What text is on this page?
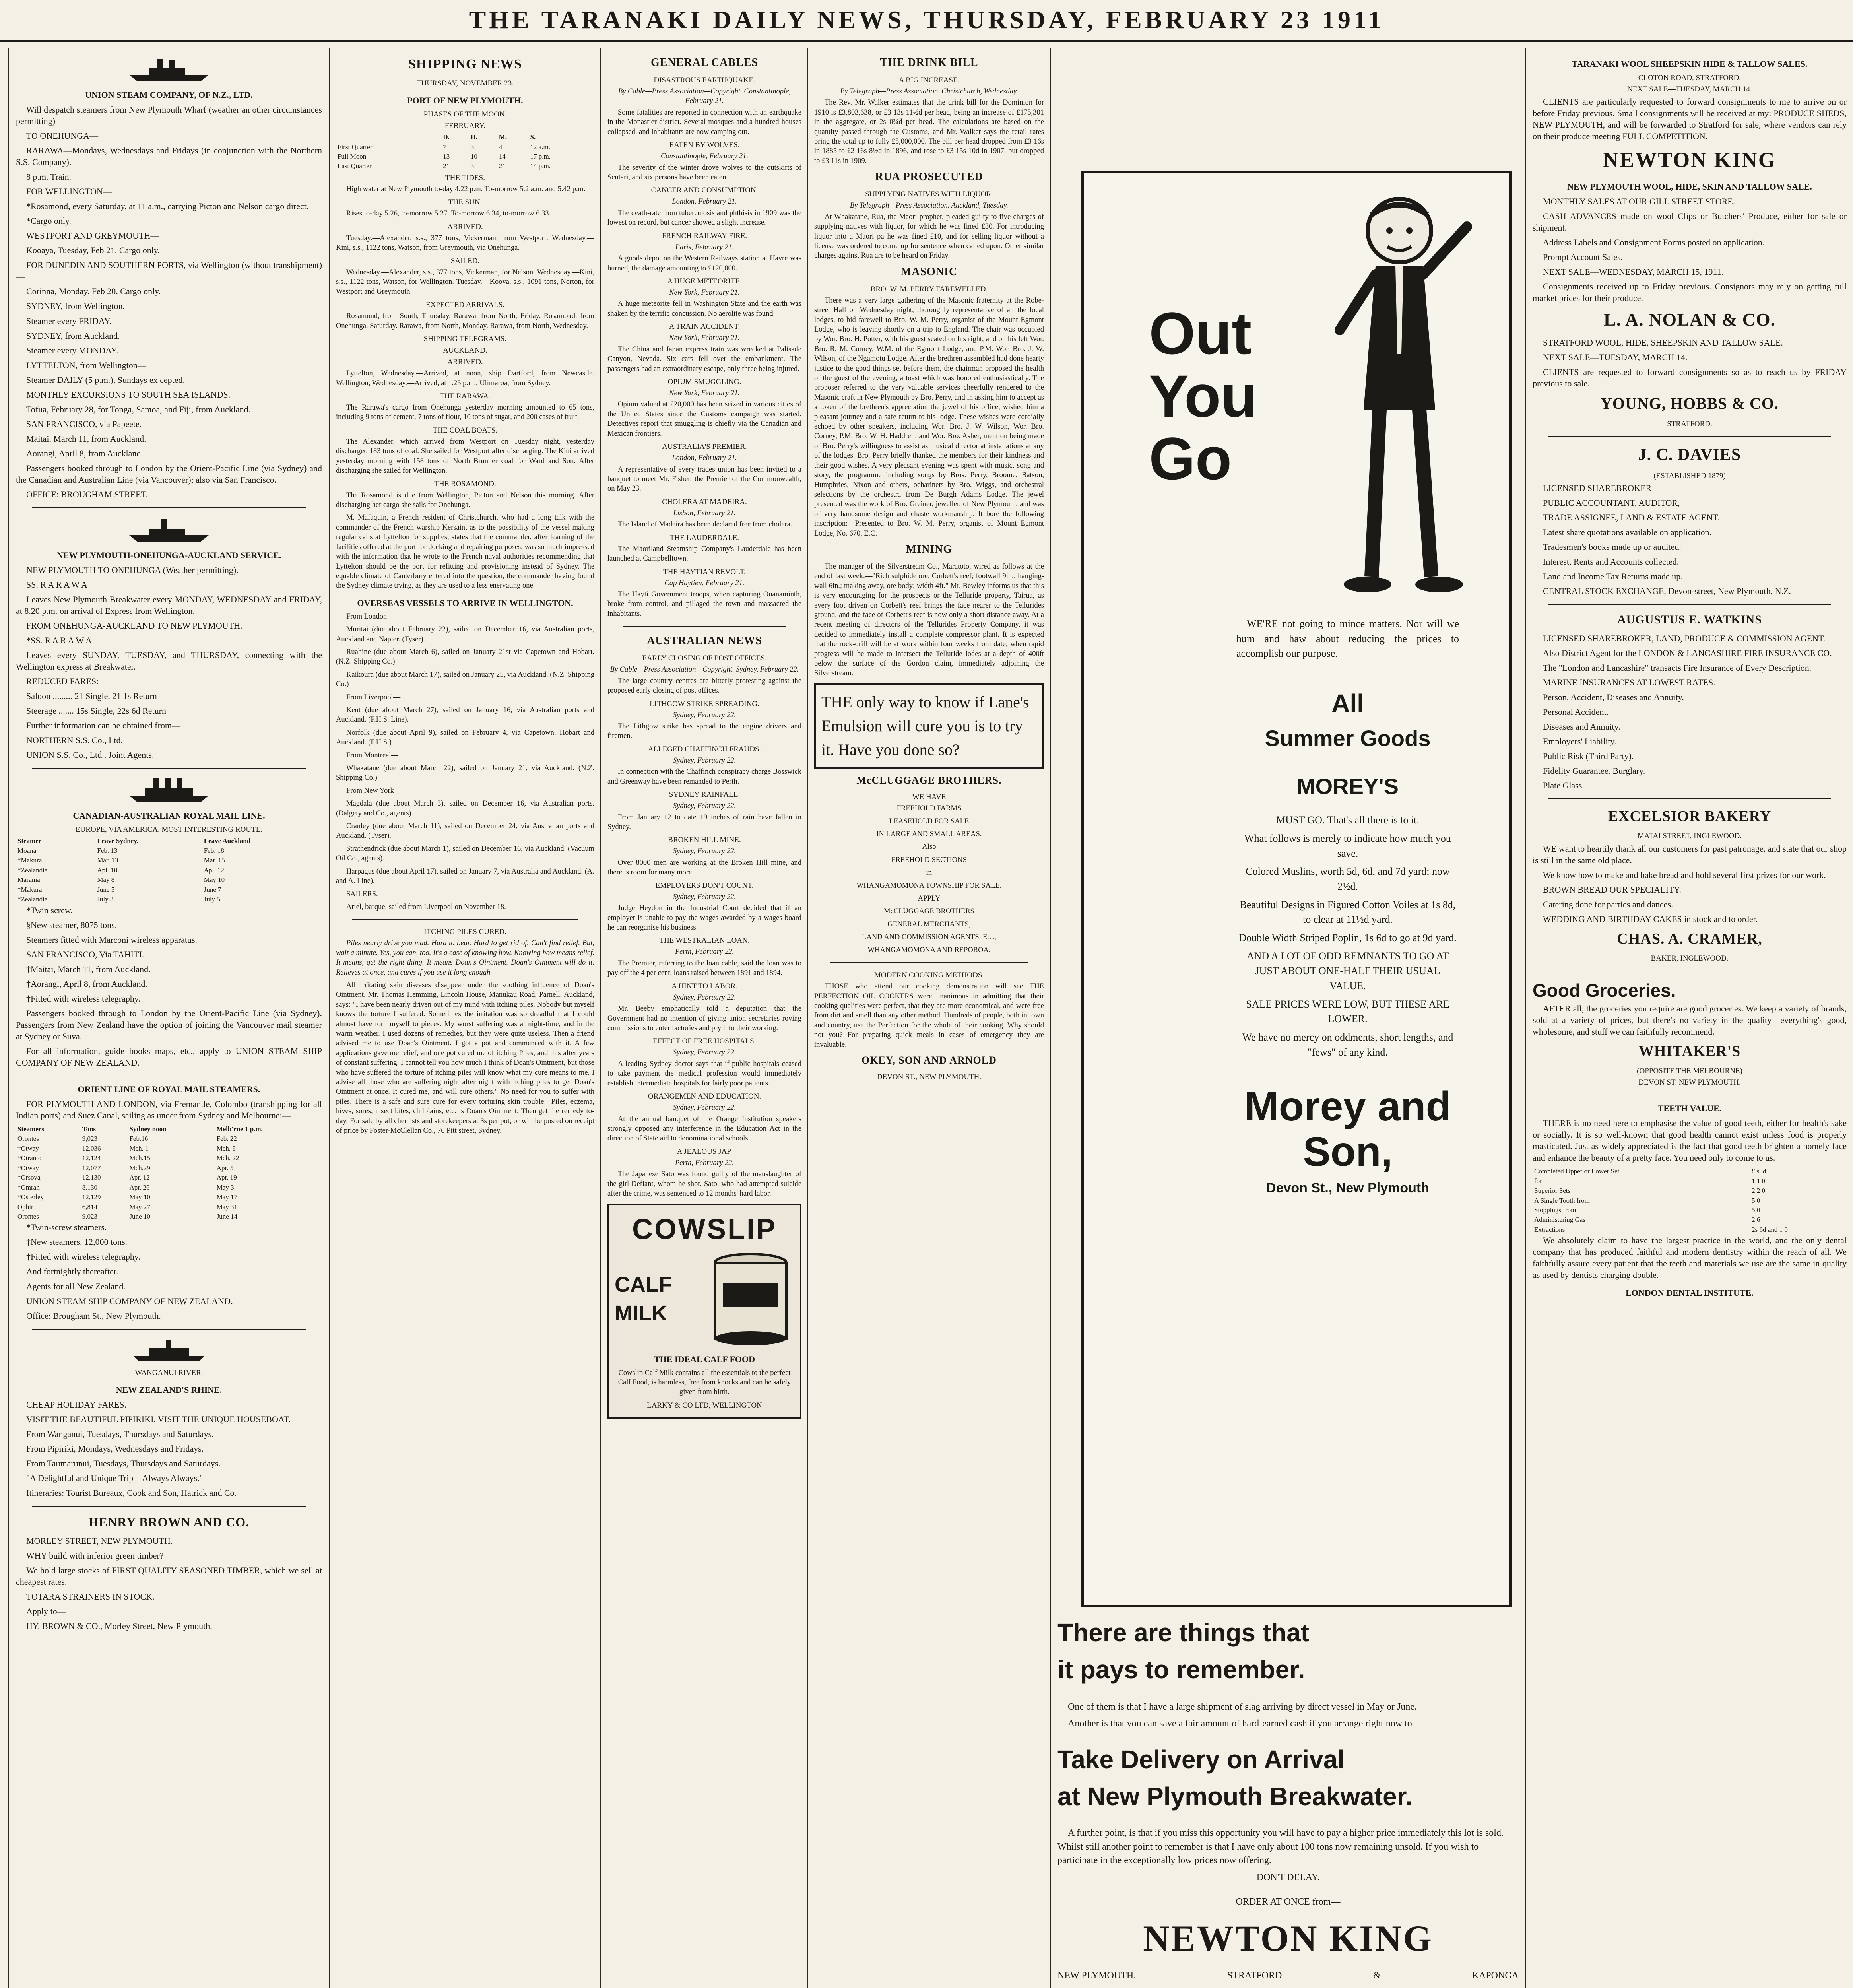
THE TARANAKI DAILY NEWS, THURSDAY, FEBRUARY 23 1911
UNION STEAM COMPANY, OF N.Z., LTD.

Will despatch steamers from New Plymouth Wharf (weather an other circumstances permitting)—

TO ONEHUNGA—

RARAWA—Mondays, Wednesdays and Fridays (in conjunction with the Northern S.S. Company).

8 p.m. Train.

FOR WELLINGTON—

*Rosamond, every Saturday, at 11 a.m., carrying Picton and Nelson cargo direct.

*Cargo only.

WESTPORT AND GREYMOUTH—

Kooaya, Tuesday, Feb 21. Cargo only.

FOR DUNEDIN AND SOUTHERN PORTS, via Wellington (without transhipment)—

Corinna, Monday. Feb 20. Cargo only.

SYDNEY, from Wellington.

Steamer every FRIDAY.

SYDNEY, from Auckland.

Steamer every MONDAY.

LYTTELTON, from Wellington—

Steamer DAILY (5 p.m.), Sundays ex cepted.

MONTHLY EXCURSIONS TO SOUTH SEA ISLANDS.

Tofua, February 28, for Tonga, Samoa, and Fiji, from Auckland.

SAN FRANCISCO, via Papeete.

Maitai, March 11, from Auckland.

Aorangi, April 8, from Auckland.

Passengers booked through to London by the Orient-Pacific Line (via Sydney) and the Canadian and Australian Line (via Vancouver); also via San Francisco.

OFFICE: BROUGHAM STREET.

NEW PLYMOUTH-ONEHUNGA-AUCKLAND SERVICE.

NEW PLYMOUTH TO ONEHUNGA (Weather permitting).

SS. R A R A W A

Leaves New Plymouth Breakwater every MONDAY, WEDNESDAY and FRIDAY, at 8.20 p.m. on arrival of Express from Wellington.

FROM ONEHUNGA-AUCKLAND TO NEW PLYMOUTH.

*SS. R A R A W A

Leaves every SUNDAY, TUESDAY, and THURSDAY, connecting with the Wellington express at Breakwater.

REDUCED FARES:

Saloon ......... 21 Single, 21 1s Return

Steerage ....... 15s Single, 22s 6d Return

Further information can be obtained from—

NORTHERN S.S. Co., Ltd.

UNION S.S. Co., Ltd., Joint Agents.

CANADIAN-AUSTRALIAN ROYAL MAIL LINE.
EUROPE, VIA AMERICA. MOST INTERESTING ROUTE.
Steamer	Leave Sydney.	Leave Auckland
Moana	Feb. 13	Feb. 18
*Makura	Mar. 13	Mar. 15
*Zealandia	Apl. 10	Apl. 12
Marama	May 8	May 10
*Makura	June 5	June 7
*Zealandia	July 3	July 5

*Twin screw.

§New steamer, 8075 tons.

Steamers fitted with Marconi wireless apparatus.

SAN FRANCISCO, Via TAHITI.

†Maitai, March 11, from Auckland.

†Aorangi, April 8, from Auckland.

†Fitted with wireless telegraphy.

Passengers booked through to London by the Orient-Pacific Line (via Sydney). Passengers from New Zealand have the option of joining the Vancouver mail steamer at Sydney or Suva.

For all information, guide books maps, etc., apply to UNION STEAM SHIP COMPANY OF NEW ZEALAND.

ORIENT LINE OF ROYAL MAIL STEAMERS.

FOR PLYMOUTH AND LONDON, via Fremantle, Colombo (transhipping for all Indian ports) and Suez Canal, sailing as under from Sydney and Melbourne:—

Steamers	Tons	Sydney noon	Melb'rne 1 p.m.
Orontes	9,023	Feb.16	Feb. 22
†Otway	12,036	Mch. 1	Mch. 8
*Otranto	12,124	Mch.15	Mch. 22
*Otway	12,077	Mch.29	Apr. 5
*Orsova	12,130	Apr. 12	Apr. 19
*Omrah	8,130	Apr. 26	May 3
*Osterley	12,129	May 10	May 17
Ophir	6,814	May 27	May 31
Orontes	9,023	June 10	June 14

*Twin-screw steamers.

‡New steamers, 12,000 tons.

†Fitted with wireless telegraphy.

And fortnightly thereafter.

Agents for all New Zealand.

UNION STEAM SHIP COMPANY OF NEW ZEALAND.

Office: Brougham St., New Plymouth.

WANGANUI RIVER.
NEW ZEALAND'S RHINE.

CHEAP HOLIDAY FARES.

VISIT THE BEAUTIFUL PIPIRIKI. VISIT THE UNIQUE HOUSEBOAT.

From Wanganui, Tuesdays, Thursdays and Saturdays.

From Pipiriki, Mondays, Wednesdays and Fridays.

From Taumarunui, Tuesdays, Thursdays and Saturdays.

"A Delightful and Unique Trip—Always Always."

Itineraries: Tourist Bureaux, Cook and Son, Hatrick and Co.

HENRY BROWN AND CO.

MORLEY STREET, NEW PLYMOUTH.

WHY build with inferior green timber?

We hold large stocks of FIRST QUALITY SEASONED TIMBER, which we sell at cheapest rates.

TOTARA STRAINERS IN STOCK.

Apply to—

HY. BROWN & CO., Morley Street, New Plymouth.

SHIPPING NEWS
THURSDAY, NOVEMBER 23.
PORT OF NEW PLYMOUTH.
PHASES OF THE MOON.
FEBRUARY.
	D.	H.	M.	S.
First Quarter	7	3	4	12 a.m.
Full Moon	13	10	14	17 p.m.
Last Quarter	21	3	21	14 p.m.
THE TIDES.

High water at New Plymouth to-day 4.22 p.m. To-morrow 5.2 a.m. and 5.42 p.m.

THE SUN.

Rises to-day 5.26, to-morrow 5.27. To-morrow 6.34, to-morrow 6.33.

ARRIVED.

Tuesday.—Alexander, s.s., 377 tons, Vickerman, from Westport. Wednesday.—Kini, s.s., 1122 tons, Watson, from Greymouth, via Onehunga.

SAILED.

Wednesday.—Alexander, s.s., 377 tons, Vickerman, for Nelson. Wednesday.—Kini, s.s., 1122 tons, Watson, for Wellington. Tuesday.—Kooya, s.s., 1091 tons, Norton, for Westport and Greymouth.

EXPECTED ARRIVALS.

Rosamond, from South, Thursday. Rarawa, from North, Friday. Rosamond, from Onehunga, Saturday. Rarawa, from North, Monday. Rarawa, from North, Wednesday.

SHIPPING TELEGRAMS.
AUCKLAND.
ARRIVED.

Lyttelton, Wednesday.—Arrived, at noon, ship Dartford, from Newcastle. Wellington, Wednesday.—Arrived, at 1.25 p.m., Ulimaroa, from Sydney.

THE RARAWA.

The Rarawa's cargo from Onehunga yesterday morning amounted to 65 tons, including 9 tons of cement, 7 tons of flour, 10 tons of sugar, and 200 cases of fruit.

THE COAL BOATS.

The Alexander, which arrived from Westport on Tuesday night, yesterday discharged 183 tons of coal. She sailed for Westport after discharging. The Kini arrived yesterday morning with 158 tons of North Brunner coal for Ward and Son. After discharging she sailed for Wellington.

THE ROSAMOND.

The Rosamond is due from Wellington, Picton and Nelson this morning. After discharging her cargo she sails for Onehunga.

M. Mafaquin, a French resident of Christchurch, who had a long talk with the commander of the French warship Kersaint as to the possibility of the vessel making regular calls at Lyttelton for supplies, states that the commander, after learning of the facilities offered at the port for docking and repairing purposes, was so much impressed with the information that he wrote to the French naval authorities recommending that Lyttelton should be the port for refitting and provisioning instead of Sydney. The equable climate of Canterbury entered into the question, the commander having found the Sydney climate trying, as they are used to a less enervating one.

OVERSEAS VESSELS TO ARRIVE IN WELLINGTON.

From London—

Muritai (due about February 22), sailed on December 16, via Australian ports, Auckland and Napier. (Tyser).

Ruahine (due about March 6), sailed on January 21st via Capetown and Hobart. (N.Z. Shipping Co.)

Kaikoura (due about March 17), sailed on January 25, via Auckland. (N.Z. Shipping Co.)

From Liverpool—

Kent (due about March 27), sailed on January 16, via Australian ports and Auckland. (F.H.S. Line).

Norfolk (due about April 9), sailed on February 4, via Capetown, Hobart and Auckland. (F.H.S.)

From Montreal—

Whakatane (due about March 22), sailed on January 21, via Auckland. (N.Z. Shipping Co.)

From New York—

Magdala (due about March 3), sailed on December 16, via Australian ports. (Dalgety and Co., agents).

Cranley (due about March 11), sailed on December 24, via Australian ports and Auckland. (Tyser).

Strathendrick (due about March 1), sailed on December 16, via Auckland. (Vacuum Oil Co., agents).

Harpagus (due about April 17), sailed on January 7, via Australia and Auckland. (A. and A. Line).

SAILERS.

Ariel, barque, sailed from Liverpool on November 18.

ITCHING PILES CURED.

Piles nearly drive you mad. Hard to bear. Hard to get rid of. Can't find relief. But, wait a minute. Yes, you can, too. It's a case of knowing how. Knowing how means relief. It means, get the right thing. It means Doan's Ointment. Doan's Ointment will do it. Relieves at once, and cures if you use it long enough.

All irritating skin diseases disappear under the soothing influence of Doan's Ointment. Mr. Thomas Hemming, Lincoln House, Manukau Road, Parnell, Auckland, says: "I have been nearly driven out of my mind with itching piles. Nobody but myself knows the torture I suffered. Sometimes the irritation was so dreadful that I could almost have torn myself to pieces. My worst suffering was at night-time, and in the warm weather. I used dozens of remedies, but they were quite useless. Then a friend advised me to use Doan's Ointment. I got a pot and commenced with it. A few applications gave me relief, and one pot cured me of itching Piles, and this after years of constant suffering. I cannot tell you how much I think of Doan's Ointment, but those who have suffered the torture of itching piles will know what my cure means to me. I advise all those who are suffering night after night with itching piles to get Doan's Ointment at once. It cured me, and will cure others." No need for you to suffer with piles. There is a safe and sure cure for every torturing skin trouble—Piles, eczema, hives, sores, insect bites, chilblains, etc. is Doan's Ointment. Then get the remedy to-day. For sale by all chemists and storekeepers at 3s per pot, or will be posted on receipt of price by Foster-McClellan Co., 76 Pitt street, Sydney.

GENERAL CABLES
DISASTROUS EARTHQUAKE.
By Cable—Press Association—Copyright. Constantinople, February 21.

Some fatalities are reported in connection with an earthquake in the Monastier district. Several mosques and a hundred houses collapsed, and inhabitants are now camping out.

EATEN BY WOLVES.
Constantinople, February 21.

The severity of the winter drove wolves to the outskirts of Scutari, and six persons have been eaten.

CANCER AND CONSUMPTION.
London, February 21.

The death-rate from tuberculosis and phthisis in 1909 was the lowest on record, but cancer showed a slight increase.

FRENCH RAILWAY FIRE.
Paris, February 21.

A goods depot on the Western Railways station at Havre was burned, the damage amounting to £120,000.

A HUGE METEORITE.
New York, February 21.

A huge meteorite fell in Washington State and the earth was shaken by the terrific concussion. No aerolite was found.

A TRAIN ACCIDENT.
New York, February 21.

The China and Japan express train was wrecked at Palisade Canyon, Nevada. Six cars fell over the embankment. The passengers had an extraordinary escape, only three being injured.

OPIUM SMUGGLING.
New York, February 21.

Opium valued at £20,000 has been seized in various cities of the United States since the Customs campaign was started. Detectives report that smuggling is chiefly via the Canadian and Mexican frontiers.

AUSTRALIA'S PREMIER.
London, February 21.

A representative of every trades union has been invited to a banquet to meet Mr. Fisher, the Premier of the Commonwealth, on May 23.

CHOLERA AT MADEIRA.
Lisbon, February 21.

The Island of Madeira has been declared free from cholera.

THE LAUDERDALE.

The Maoriland Steamship Company's Lauderdale has been launched at Campbelltown.

THE HAYTIAN REVOLT.
Cap Haytien, February 21.

The Hayti Government troops, when capturing Ouanaminth, broke from control, and pillaged the town and massacred the inhabitants.

AUSTRALIAN NEWS
EARLY CLOSING OF POST OFFICES.
By Cable—Press Association—Copyright. Sydney, February 22.

The large country centres are bitterly protesting against the proposed early closing of post offices.

LITHGOW STRIKE SPREADING.
Sydney, February 22.

The Lithgow strike has spread to the engine drivers and firemen.

ALLEGED CHAFFINCH FRAUDS.
Sydney, February 22.

In connection with the Chaffinch conspiracy charge Bosswick and Greenway have been remanded to Perth.

SYDNEY RAINFALL.
Sydney, February 22.

From January 12 to date 19 inches of rain have fallen in Sydney.

BROKEN HILL MINE.
Sydney, February 22.

Over 8000 men are working at the Broken Hill mine, and there is room for many more.

EMPLOYERS DON'T COUNT.
Sydney, February 22.

Judge Heydon in the Industrial Court decided that if an employer is unable to pay the wages awarded by a wages board he can reorganise his business.

THE WESTRALIAN LOAN.
Perth, February 22.

The Premier, referring to the loan cable, said the loan was to pay off the 4 per cent. loans raised between 1891 and 1894.

A HINT TO LABOR.
Sydney, February 22.

Mr. Beeby emphatically told a deputation that the Government had no intention of giving union secretaries roving commissions to enter factories and pry into their working.

EFFECT OF FREE HOSPITALS.
Sydney, February 22.

A leading Sydney doctor says that if public hospitals ceased to take payment the medical profession would immediately establish intermediate hospitals for fairly poor patients.

ORANGEMEN AND EDUCATION.
Sydney, February 22.

At the annual banquet of the Orange Institution speakers strongly opposed any interference in the Education Act in the direction of State aid to denominational schools.

A JEALOUS JAP.
Perth, February 22.

The Japanese Sato was found guilty of the manslaughter of the girl Defiant, whom he shot. Sato, who had attempted suicide after the crime, was sentenced to 12 months' hard labor.

COWSLIP
CALF MILK
THE IDEAL CALF FOOD

Cowslip Calf Milk contains all the essentials to the perfect Calf Food, is harmless, free from knocks and can be safely given from birth.

LARKY & CO LTD, WELLINGTON
THE DRINK BILL
A BIG INCREASE.
By Telegraph—Press Association. Christchurch, Wednesday.

The Rev. Mr. Walker estimates that the drink bill for the Dominion for 1910 is £3,803,638, or £3 13s 11½d per head, being an increase of £175,301 in the aggregate, or 2s 0¾d per head. The calculations are based on the quantity passed through the Customs, and Mr. Walker says the retail rates bring the total up to fully £5,000,000. The bill per head dropped from £3 16s in 1885 to £2 16s 8½d in 1896, and rose to £3 15s 10d in 1907, but dropped to £3 11s in 1909.

RUA PROSECUTED
SUPPLYING NATIVES WITH LIQUOR.
By Telegraph—Press Association. Auckland, Tuesday.

At Whakatane, Rua, the Maori prophet, pleaded guilty to five charges of supplying natives with liquor, for which he was fined £30. For introducing liquor into a Maori pa he was fined £10, and for selling liquor without a license was ordered to come up for sentence when called upon. Other similar charges against Rua are to be heard on Friday.

MASONIC
BRO. W. M. PERRY FAREWELLED.

There was a very large gathering of the Masonic fraternity at the Robe-street Hall on Wednesday night, thoroughly representative of all the local lodges, to bid farewell to Bro. W. M. Perry, organist of the Mount Egmont Lodge, who is leaving shortly on a trip to England. The chair was occupied by Wor. Bro. H. Potter, with his guest seated on his right, and on his left Wor. Bro. R. M. Corney, W.M. of the Egmont Lodge, and P.M. Wor. Bro. J. W. Wilson, of the Ngamotu Lodge. After the brethren assembled had done hearty justice to the good things set before them, the chairman proposed the health of the guest of the evening, a toast which was honored enthusiastically. The proposer referred to the very valuable services cheerfully rendered to the Masonic craft in New Plymouth by Bro. Perry, and in asking him to accept as a token of the brethren's appreciation the jewel of his office, wished him a pleasant journey and a safe return to his lodge. These wishes were cordially echoed by other speakers, including Wor. Bro. J. W. Wilson, Wor. Bro. Corney, P.M. Bro. W. H. Haddrell, and Wor. Bro. Asher, mention being made of Bro. Perry's willingness to assist as musical director at installations at any of the lodges. Bro. Perry briefly thanked the members for their kindness and their good wishes. A very pleasant evening was spent with music, song and story, the programme including songs by Bros. Perry, Broome, Batson, Humphries, Nixon and others, ocharinets by Bro. Wiggs, and orchestral selections by the orchestra from De Burgh Adams Lodge. The jewel presented was the work of Bro. Greiner, jeweller, of New Plymouth, and was of very handsome design and chaste workmanship. It bore the following inscription:—Presented to Bro. W. M. Perry, organist of Mount Egmont Lodge, No. 670, E.C.

MINING

The manager of the Silverstream Co., Maratoto, wired as follows at the end of last week:—"Rich sulphide ore, Corbett's reef; footwall 9in.; hanging-wall 6in.; making away, ore body; width 4ft." Mr. Bewley informs us that this is very encouraging for the prospects or the Telluride property, Tairua, as every foot driven on Corbett's reef brings the face nearer to the Tellurides ground, and the face of Corbett's reef is now only a short distance away. At a recent meeting of directors of the Tellurides Property Company, it was decided to immediately install a complete compressor plant. It is expected that the rock-drill will be at work within four weeks from date, when rapid progress will be made to intersect the Telluride lodes at a depth of 400ft below the surface of the Gordon claim, immediately adjoining the Silverstream.

THE only way to know if Lane's Emulsion will cure you is to try it. Have you done so?
McCLUGGAGE BROTHERS.
WE HAVE

FREEHOLD FARMS

LEASEHOLD FOR SALE

IN LARGE AND SMALL AREAS.

Also

FREEHOLD SECTIONS

in

WHANGAMOMONA TOWNSHIP FOR SALE.

APPLY

McCLUGGAGE BROTHERS

GENERAL MERCHANTS,

LAND AND COMMISSION AGENTS, Etc.,

WHANGAMOMONA AND REPOROA.

MODERN COOKING METHODS.

THOSE who attend our cooking demonstration will see THE PERFECTION OIL COOKERS were unanimous in admitting that their cooking qualities were perfect, that they are more economical, and were free from dirt and smell than any other method. Hundreds of people, both in town and country, use the Perfection for the whole of their cooking. Why should not you? For preparing quick meals in cases of emergency they are invaluable.

OKEY, SON AND ARNOLD
DEVON ST., NEW PLYMOUTH.
Out
You
Go

WE'RE not going to mince matters. Nor will we hum and haw about reducing the prices to accomplish our purpose.

All
Summer Goods
MOREY'S

MUST GO. That's all there is to it.

What follows is merely to indicate how much you save.

Colored Muslins, worth 5d, 6d, and 7d yard; now 2½d.

Beautiful Designs in Figured Cotton Voiles at 1s 8d, to clear at 11½d yard.

Double Width Striped Poplin, 1s 6d to go at 9d yard.

AND A LOT OF ODD REMNANTS TO GO AT JUST ABOUT ONE-HALF THEIR USUAL VALUE.

SALE PRICES WERE LOW, BUT THESE ARE LOWER.

We have no mercy on oddments, short lengths, and "fews" of any kind.

Morey and Son,
Devon St., New Plymouth
There are things that
it pays to remember.

One of them is that I have a large shipment of slag arriving by direct vessel in May or June.

Another is that you can save a fair amount of hard-earned cash if you arrange right now to

Take Delivery on Arrival
at New Plymouth Breakwater.

A further point, is that if you miss this opportunity you will have to pay a higher price immediately this lot is sold. Whilst still another point to remember is that I have only about 100 tons now remaining unsold. If you wish to participate in the exceptionally low prices now offering.

DON'T DELAY.

ORDER AT ONCE from—

NEWTON KING
NEW PLYMOUTH.	STRATFORD	&	KAPONGA

TARANAKI WOOL SHEEPSKIN HIDE & TALLOW SALES.
CLOTON ROAD, STRATFORD.
NEXT SALE—TUESDAY, MARCH 14.

CLIENTS are particularly requested to forward consignments to me to arrive on or before Friday previous. Small consignments will be received at my: PRODUCE SHEDS, NEW PLYMOUTH, and will be forwarded to Stratford for sale, where vendors can rely on their produce meeting FULL COMPETITION.

NEWTON KING
NEW PLYMOUTH WOOL, HIDE, SKIN AND TALLOW SALE.

MONTHLY SALES AT OUR GILL STREET STORE.

CASH ADVANCES made on wool Clips or Butchers' Produce, either for sale or shipment.

Address Labels and Consignment Forms posted on application.

Prompt Account Sales.

NEXT SALE—WEDNESDAY, MARCH 15, 1911.

Consignments received up to Friday previous. Consignors may rely on getting full market prices for their produce.

L. A. NOLAN & CO.

STRATFORD WOOL, HIDE, SHEEPSKIN AND TALLOW SALE.

NEXT SALE—TUESDAY, MARCH 14.

CLIENTS are requested to forward consignments so as to reach us by FRIDAY previous to sale.

YOUNG, HOBBS & CO.
STRATFORD.
J. C. DAVIES
(ESTABLISHED 1879)

LICENSED SHAREBROKER

PUBLIC ACCOUNTANT, AUDITOR,

TRADE ASSIGNEE, LAND & ESTATE AGENT.

Latest share quotations available on application.

Tradesmen's books made up or audited.

Interest, Rents and Accounts collected.

Land and Income Tax Returns made up.

CENTRAL STOCK EXCHANGE, Devon-street, New Plymouth, N.Z.

AUGUSTUS E. WATKINS

LICENSED SHAREBROKER, LAND, PRODUCE & COMMISSION AGENT.

Also District Agent for the LONDON & LANCASHIRE FIRE INSURANCE CO.

The "London and Lancashire" transacts Fire Insurance of Every Description.

MARINE INSURANCES AT LOWEST RATES.

Person, Accident, Diseases and Annuity.

Personal Accident.

Diseases and Annuity.

Employers' Liability.

Public Risk (Third Party).

Fidelity Guarantee. Burglary.

Plate Glass.

EXCELSIOR BAKERY
MATAI STREET, INGLEWOOD.

WE want to heartily thank all our customers for past patronage, and state that our shop is still in the same old place.

We know how to make and bake bread and hold several first prizes for our work.

BROWN BREAD OUR SPECIALITY.

Catering done for parties and dances.

WEDDING AND BIRTHDAY CAKES in stock and to order.

CHAS. A. CRAMER,
BAKER, INGLEWOOD.
Good Groceries.

AFTER all, the groceries you require are good groceries. We keep a variety of brands, sold at a variety of prices, but there's no variety in the quality—everything's good, wholesome, and stuff we can faithfully recommend.

WHITAKER'S
(OPPOSITE THE MELBOURNE)
DEVON ST. NEW PLYMOUTH.
TEETH VALUE.

THERE is no need here to emphasise the value of good teeth, either for health's sake or socially. It is so well-known that good health cannot exist unless food is properly masticated. Just as widely appreciated is the fact that good teeth brighten a homely face and enhance the beauty of a pretty face. You need only to come to us.

Completed Upper or Lower Set	£ s. d.
for	1 1 0
Superior Sets	2 2 0
A Single Tooth from	5 0
Stoppings from	5 0
Administering Gas	2 6
Extractions	2s 6d and 1 0

We absolutely claim to have the largest practice in the world, and the only dental company that has produced faithful and modern dentistry within the reach of all. We faithfully assure every patient that the teeth and materials we use are the same in quality as used by dentists charging double.

LONDON DENTAL INSTITUTE.
